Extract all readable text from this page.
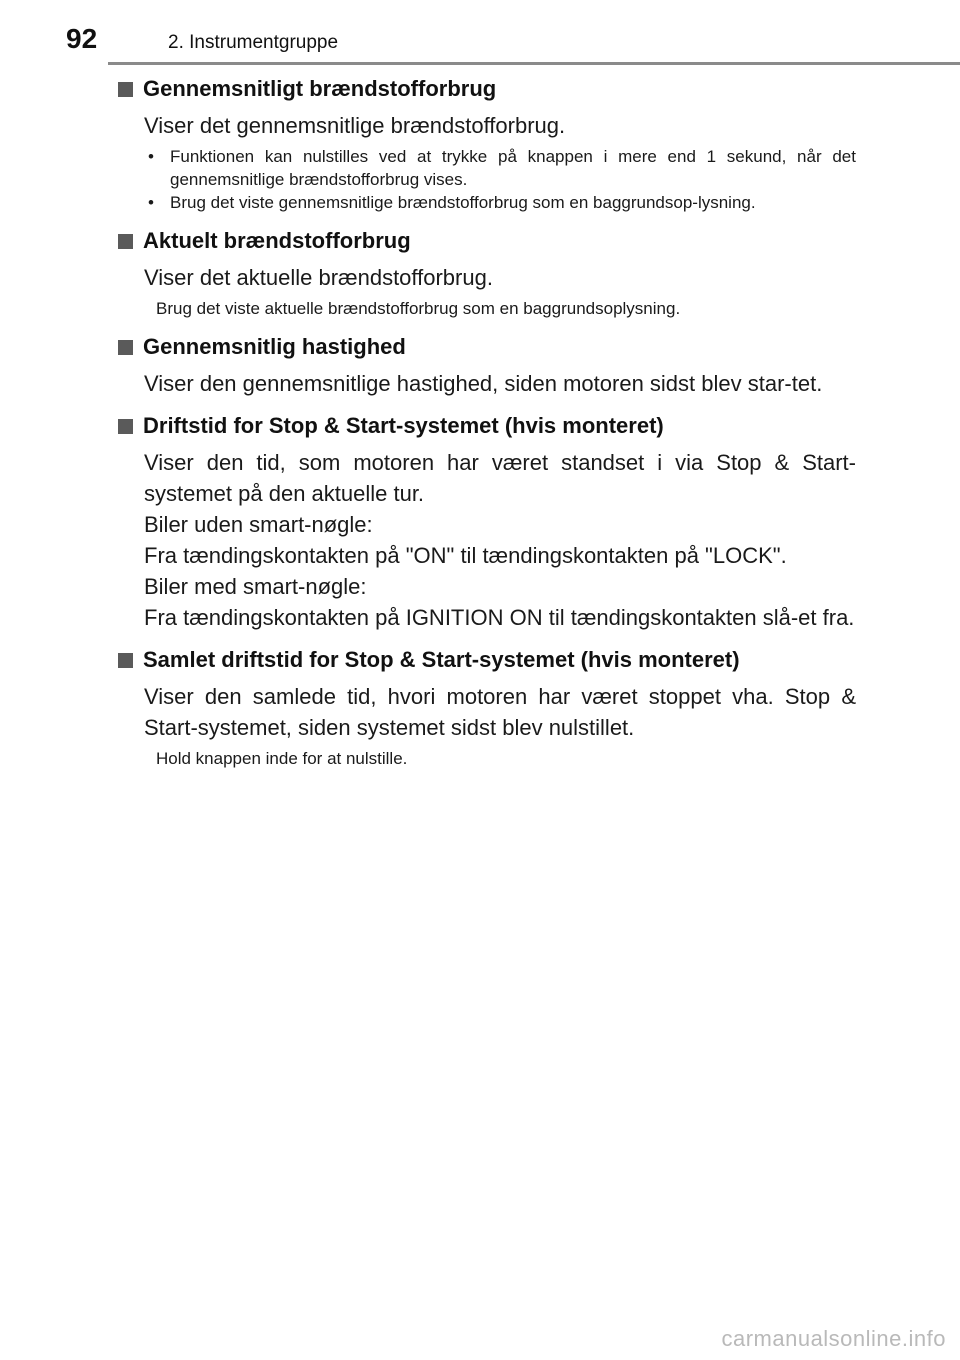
92	2. Instrumentgruppe
Gennemsnitligt brændstofforbrug
Viser det gennemsnitlige brændstofforbrug.
• Funktionen kan nulstilles ved at trykke på knappen i mere end 1 sekund, når det gennemsnitlige brændstofforbrug vises.
• Brug det viste gennemsnitlige brændstofforbrug som en baggrundsop-lysning.
Aktuelt brændstofforbrug
Viser det aktuelle brændstofforbrug.
Brug det viste aktuelle brændstofforbrug som en baggrundsoplysning.
Gennemsnitlig hastighed
Viser den gennemsnitlige hastighed, siden motoren sidst blev star-tet.
Driftstid for Stop & Start-systemet (hvis monteret)
Viser den tid, som motoren har været standset i via Stop & Start-systemet på den aktuelle tur.
Biler uden smart-nøgle:
Fra tændingskontakten på "ON" til tændingskontakten på "LOCK".
Biler med smart-nøgle:
Fra tændingskontakten på IGNITION ON til tændingskontakten slå-et fra.
Samlet driftstid for Stop & Start-systemet (hvis monteret)
Viser den samlede tid, hvori motoren har været stoppet vha. Stop & Start-systemet, siden systemet sidst blev nulstillet.
Hold knappen inde for at nulstille.
carmanualsonline.info
